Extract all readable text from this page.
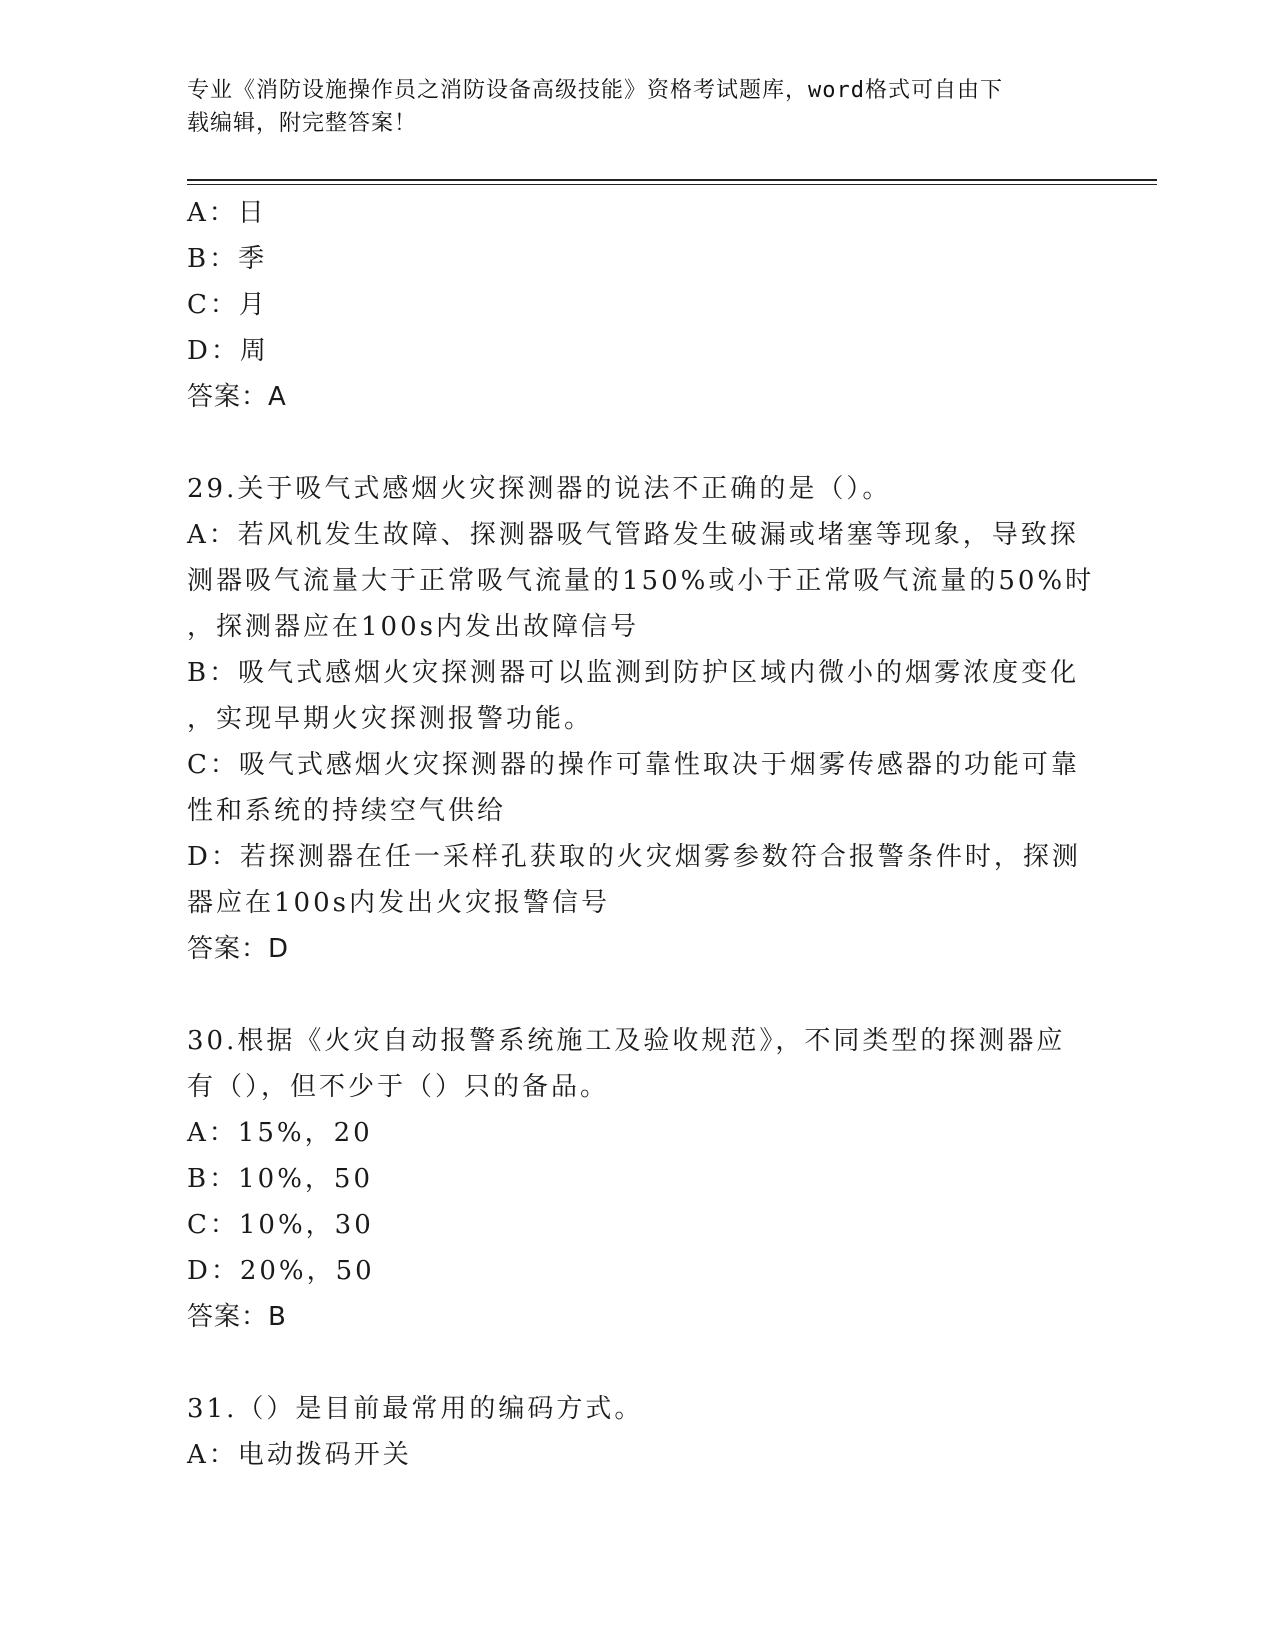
专业《消防设施操作员之消防设备高级技能》资格考试题库，word格式可自由下
载编辑，附完整答案！
A：日
B：季
C：月
D：周
答案：A
29.关于吸气式感烟火灾探测器的说法不正确的是（）。
A：若风机发生故障、探测器吸气管路发生破漏或堵塞等现象，导致探
测器吸气流量大于正常吸气流量的150%或小于正常吸气流量的50%时
，探测器应在100s内发出故障信号
B：吸气式感烟火灾探测器可以监测到防护区域内微小的烟雾浓度变化
，实现早期火灾探测报警功能。
C：吸气式感烟火灾探测器的操作可靠性取决于烟雾传感器的功能可靠
性和系统的持续空气供给
D：若探测器在任一采样孔获取的火灾烟雾参数符合报警条件时，探测
器应在100s内发出火灾报警信号
答案：D
30.根据《火灾自动报警系统施工及验收规范》，不同类型的探测器应
有（），但不少于（）只的备品。
A：15%，20
B：10%，50
C：10%，30
D：20%，50
答案：B
31.（）是目前最常用的编码方式。
A：电动拨码开关
